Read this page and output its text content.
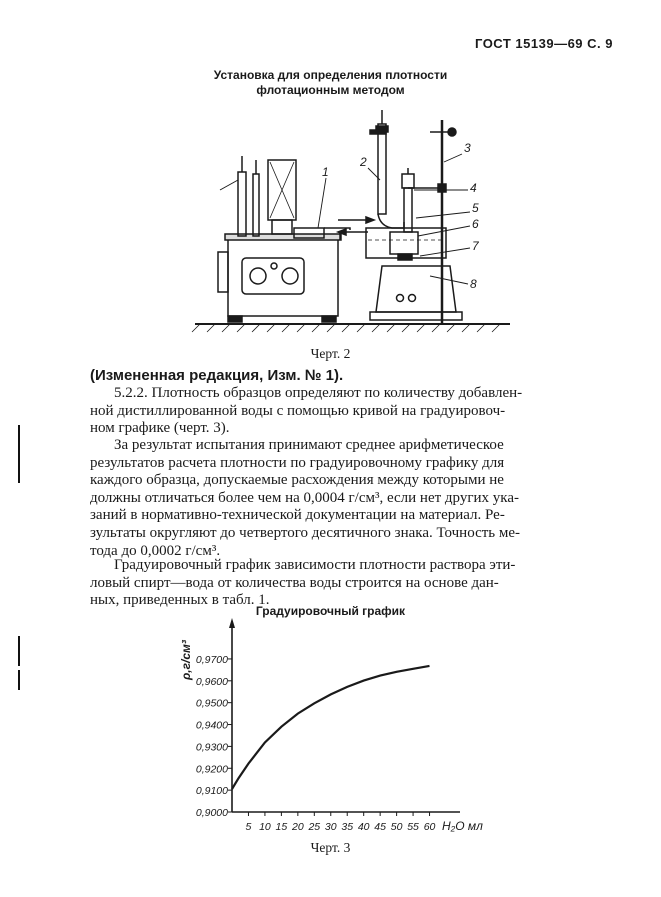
ГОСТ 15139—69 С. 9
Установка для определения плотности
флотационным методом
1
2
3
4
5
6
7
8
Черт. 2
(Измененная редакция, Изм. № 1).
5.2.2. Плотность образцов определяют по количеству добавлен-
ной дистиллированной воды с помощью кривой на градуировоч-
ном графике (черт. 3).
За результат испытания принимают среднее арифметическое
результатов расчета плотности по градуировочному графику для
каждого образца, допускаемые расхождения между которыми не
должны отличаться более чем на 0,0004 г/см³, если нет других ука-
заний в нормативно-технической документации на материал. Ре-
зультаты округляют до четвертого десятичного знака. Точность ме-
тода до 0,0002 г/см³.
Градуировочный график зависимости плотности раствора эти-
ловый спирт—вода от количества воды строится на основе дан-
ных, приведенных в табл. 1.
Градуировочный график
0,9000
0,9100
0,9200
0,9300
0,9400
0,9500
0,9600
0,9700
5 10 15 20 25 30 35 40 45 50 55 60
ρ,г/см³
H₂O мл
Черт. 3
